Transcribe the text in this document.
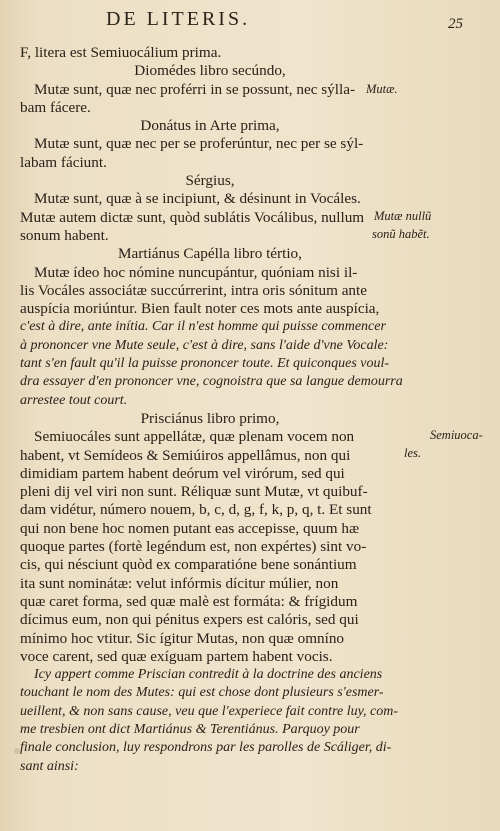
DE LITERIS.	25

F, litera est Semiuocálium prima.

Diomédes libro secúndo,

Mutæ sunt, quæ nec proférri in se possunt, nec sýlla-

bam fácere.

Donátus in Arte prima,

Mutæ sunt, quæ nec per se proferúntur, nec per se sýl-

labam fáciunt.

Sérgius,

Mutæ sunt, quæ à se incipiunt, & désinunt in Vocáles.

Mutæ autem dictæ sunt, quòd sublátis Vocálibus, nullum

sonum habent.

Martiánus Capélla libro tértio,

Mutæ ídeo hoc nómine nuncupántur, quóniam nisi il-

lis Vocáles associátæ succúrrerint, intra oris sónitum ante

auspícia moriúntur. Bien fault noter ces mots ante auspícia,

c'est à dire, ante inítia. Car il n'est homme qui puisse commencer

à prononcer vne Mute seule, c'est à dire, sans l'aide d'vne Vocale:

tant s'en fault qu'il la puisse prononcer toute. Et quiconques voul-

dra essayer d'en prononcer vne, cognoistra que sa langue demourra

arrestee tout court.

Prisciánus libro primo,

Semiuocáles sunt appellátæ, quæ plenam vocem non

habent, vt Semídeos & Semiúiros appellâmus, non qui

dimidiam partem habent deórum vel virórum, sed qui

pleni dij vel viri non sunt. Réliquæ sunt Mutæ, vt quibuf-

dam vidétur, número nouem, b, c, d, g, f, k, p, q, t. Et sunt

qui non bene hoc nomen putant eas accepisse, quum hæ

quoque partes (fortè legéndum est, non expértes) sint vo-

cis, qui nésciunt quòd ex comparatióne bene sonántium

ita sunt nominátæ: velut infórmis dícitur múlier, non

quæ caret forma, sed quæ malè est formáta: & frígidum

dícimus eum, non qui pénitus expers est calóris, sed qui

mínimo hoc vtitur. Sic ígitur Mutas, non quæ omníno

voce carent, sed quæ exíguam partem habent vocis.

Icy appert comme Priscian contredit à la doctrine des anciens

touchant le nom des Mutes: qui est chose dont plusieurs s'esmer-

ueillent, & non sans cause, veu que l'experiece fait contre luy, com-

me tresbien ont dict Martiánus & Terentiánus. Parquoy pour

finale conclusion, luy respondrons par les parolles de Scáliger, di-

sant ainsi:

Mutæ.
Mutæ nullũ
sonũ habẽt.
Semiuoca-
les.
